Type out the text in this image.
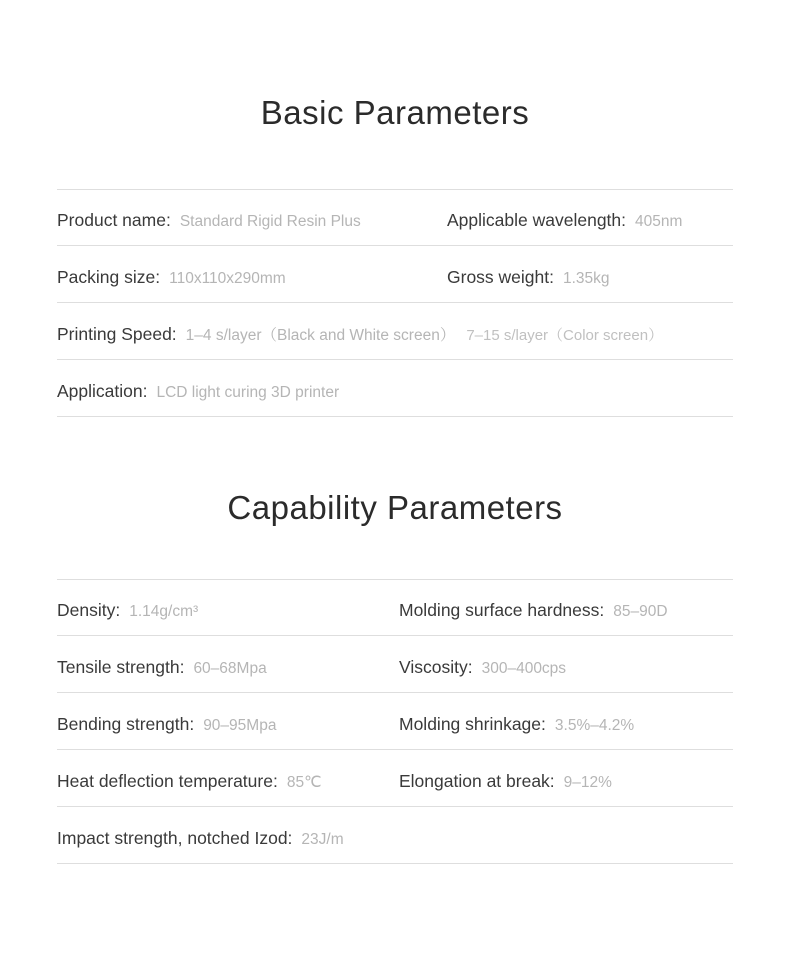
Basic Parameters
Product name: Standard Rigid Resin Plus	Applicable wavelength: 405nm
Packing size: 110x110x290mm	Gross weight: 1.35kg
Printing Speed: 1–4 s/layer（Black and White screen） 7–15 s/layer（Color screen）
Application: LCD light curing 3D printer
Capability Parameters
Density: 1.14g/cm³	Molding surface hardness: 85–90D
Tensile strength: 60–68Mpa	Viscosity: 300–400cps
Bending strength: 90–95Mpa	Molding shrinkage: 3.5%–4.2%
Heat deflection temperature: 85℃	Elongation at break: 9–12%
Impact strength, notched Izod: 23J/m
